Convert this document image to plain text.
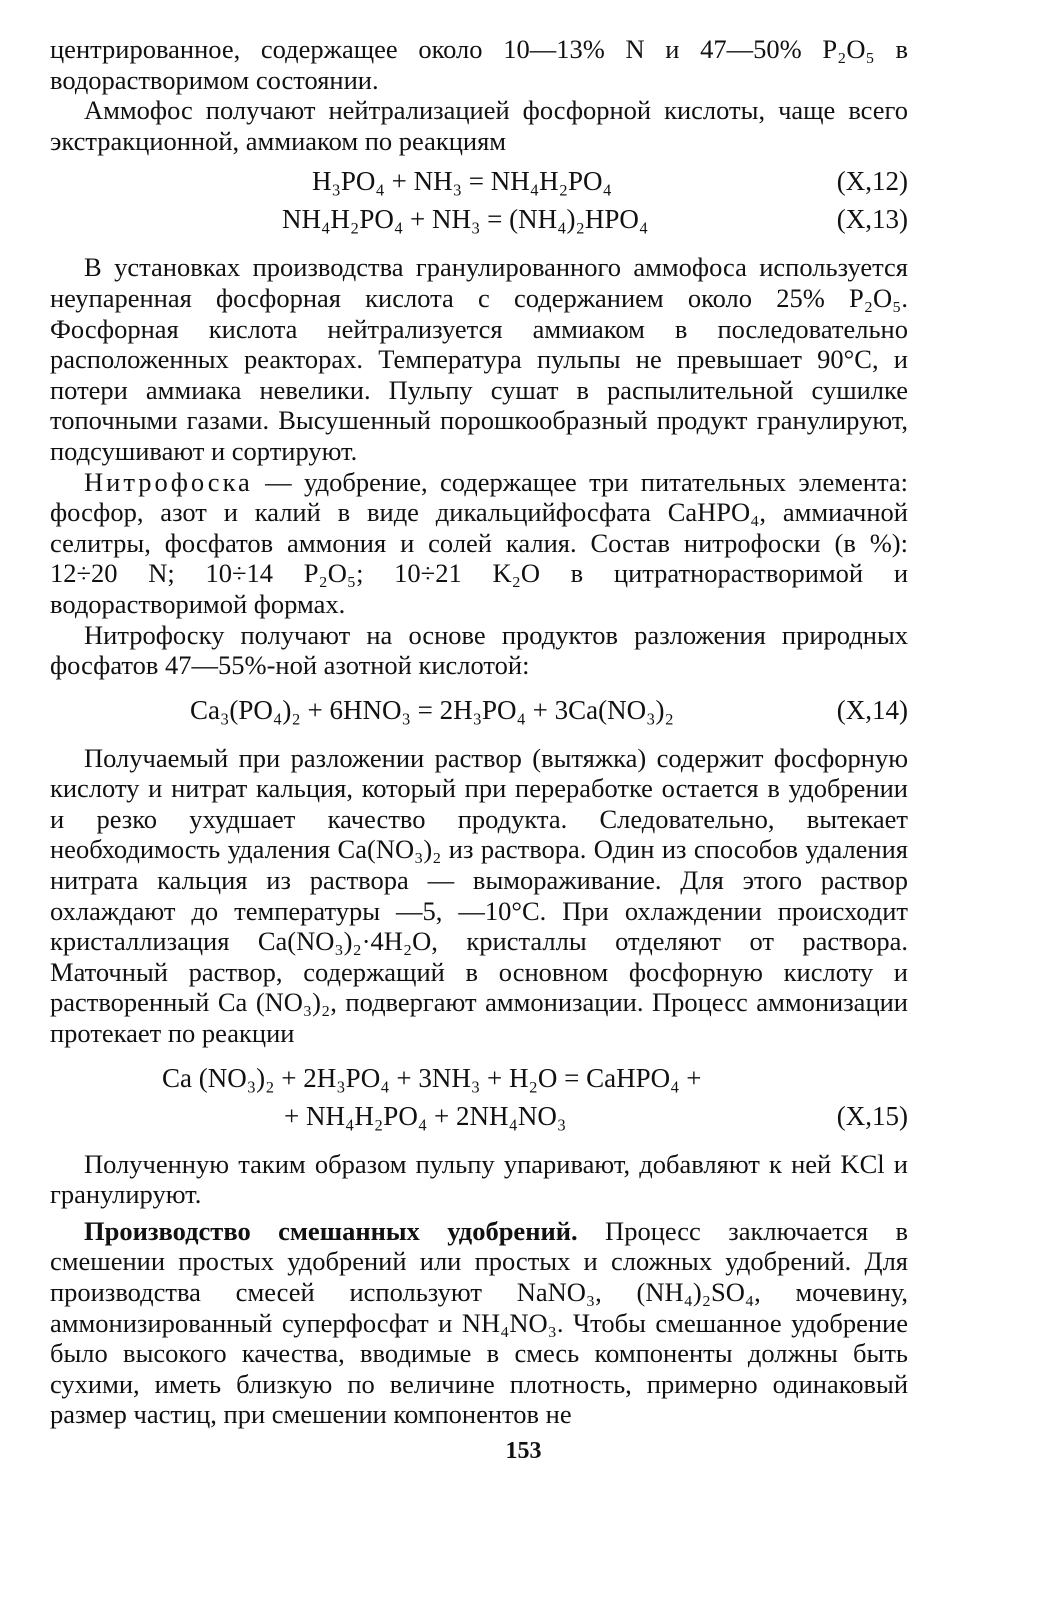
центрированное, содержащее около 10—13% N и 47—50% P₂O₅ в водорастворимом состоянии.

Аммофос получают нейтрализацией фосфорной кислоты, чаще всего экстракционной, аммиаком по реакциям

H₃PO₄ + NH₃ = NH₄H₂PO₄	(X,12)
NH₄H₂PO₄ + NH₃ = (NH₄)₂HPO₄	(X,13)

В установках производства гранулированного аммофоса используется неупаренная фосфорная кислота с содержанием около 25% P₂O₅. Фосфорная кислота нейтрализуется аммиаком в последовательно расположенных реакторах. Температура пульпы не превышает 90°C, и потери аммиака невелики. Пульпу сушат в распылительной сушилке топочными газами. Высушенный порошкообразный продукт гранулируют, подсушивают и сортируют.

Нитрофоска — удобрение, содержащее три питательных элемента: фосфор, азот и калий в виде дикальцийфосфата CaHPO₄, аммиачной селитры, фосфатов аммония и солей калия. Состав нитрофоски (в %): 12÷20 N; 10÷14 P₂O₅; 10÷21 K₂O в цитратнорастворимой и водорастворимой формах.

Нитрофоску получают на основе продуктов разложения природных фосфатов 47—55%-ной азотной кислотой:

Ca₃(PO₄)₂ + 6HNO₃ = 2H₃PO₄ + 3Ca(NO₃)₂	(X,14)

Получаемый при разложении раствор (вытяжка) содержит фосфорную кислоту и нитрат кальция, который при переработке остается в удобрении и резко ухудшает качество продукта. Следовательно, вытекает необходимость удаления Ca(NO₃)₂ из раствора. Один из способов удаления нитрата кальция из раствора — вымораживание. Для этого раствор охлаждают до температуры —5, —10°C. При охлаждении происходит кристаллизация Ca(NO₃)₂·4H₂O, кристаллы отделяют от раствора. Маточный раствор, содержащий в основном фосфорную кислоту и растворенный Ca (NO₃)₂, подвергают аммонизации. Процесс аммонизации протекает по реакции

Ca (NO₃)₂ + 2H₃PO₄ + 3NH₃ + H₂O = CaHPO₄ +
+ NH₄H₂PO₄ + 2NH₄NO₃	(X,15)

Полученную таким образом пульпу упаривают, добавляют к ней KCl и гранулируют.

Производство смешанных удобрений. Процесс заключается в смешении простых удобрений или простых и сложных удобрений. Для производства смесей используют NaNO₃, (NH₄)₂SO₄, мочевину, аммонизированный суперфосфат и NH₄NO₃. Чтобы смешанное удобрение было высокого качества, вводимые в смесь компоненты должны быть сухими, иметь близкую по величине плотность, примерно одинаковый размер частиц, при смешении компонентов не

153
